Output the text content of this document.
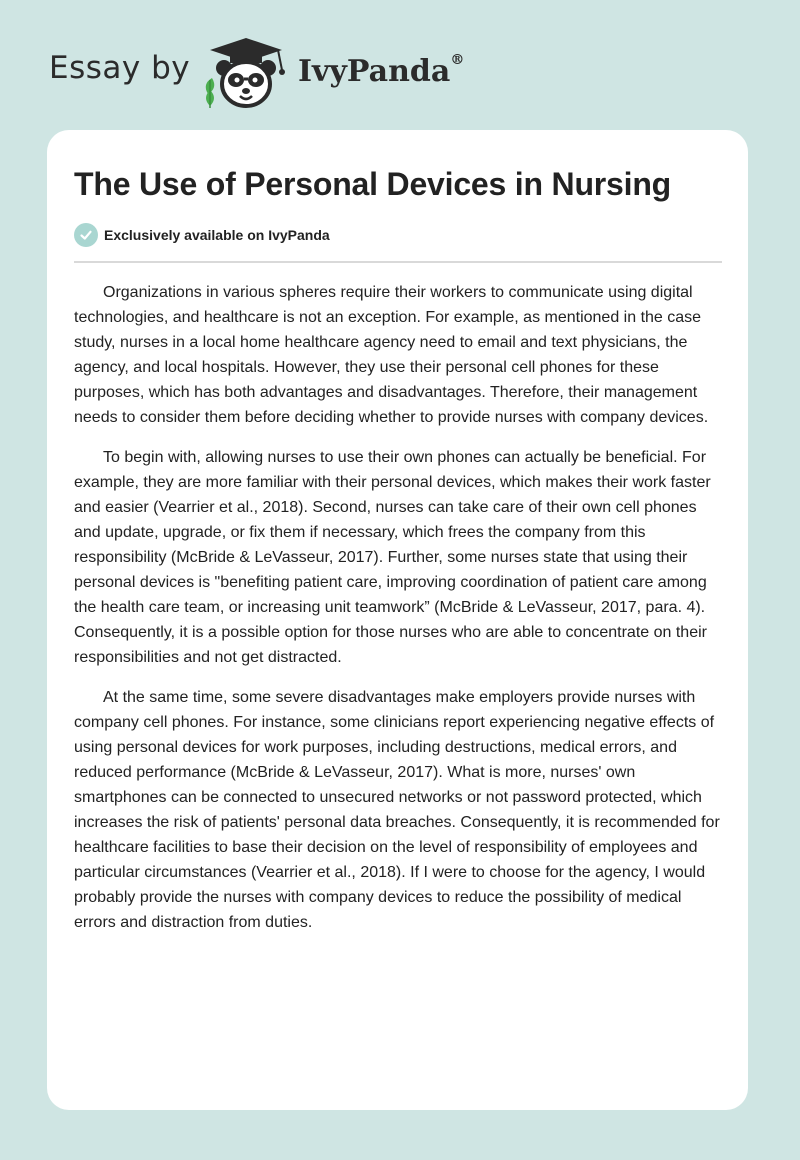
Essay by	IvyPanda®
The Use of Personal Devices in Nursing
Exclusively available on IvyPanda

Organizations in various spheres require their workers to communicate using digital technologies, and healthcare is not an exception. For example, as mentioned in the case study, nurses in a local home healthcare agency need to email and text physicians, the agency, and local hospitals. However, they use their personal cell phones for these purposes, which has both advantages and disadvantages. Therefore, their management needs to consider them before deciding whether to provide nurses with company devices.

To begin with, allowing nurses to use their own phones can actually be beneficial. For example, they are more familiar with their personal devices, which makes their work faster and easier (Vearrier et al., 2018). Second, nurses can take care of their own cell phones and update, upgrade, or fix them if necessary, which frees the company from this responsibility (McBride & LeVasseur, 2017). Further, some nurses state that using their personal devices is "benefiting patient care, improving coordination of patient care among the health care team, or increasing unit teamwork” (McBride & LeVasseur, 2017, para. 4). Consequently, it is a possible option for those nurses who are able to concentrate on their responsibilities and not get distracted.

At the same time, some severe disadvantages make employers provide nurses with company cell phones. For instance, some clinicians report experiencing negative effects of using personal devices for work purposes, including destructions, medical errors, and reduced performance (McBride & LeVasseur, 2017). What is more, nurses' own smartphones can be connected to unsecured networks or not password protected, which increases the risk of patients' personal data breaches. Consequently, it is recommended for healthcare facilities to base their decision on the level of responsibility of employees and particular circumstances (Vearrier et al., 2018). If I were to choose for the agency, I would probably provide the nurses with company devices to reduce the possibility of medical errors and distraction from duties.
